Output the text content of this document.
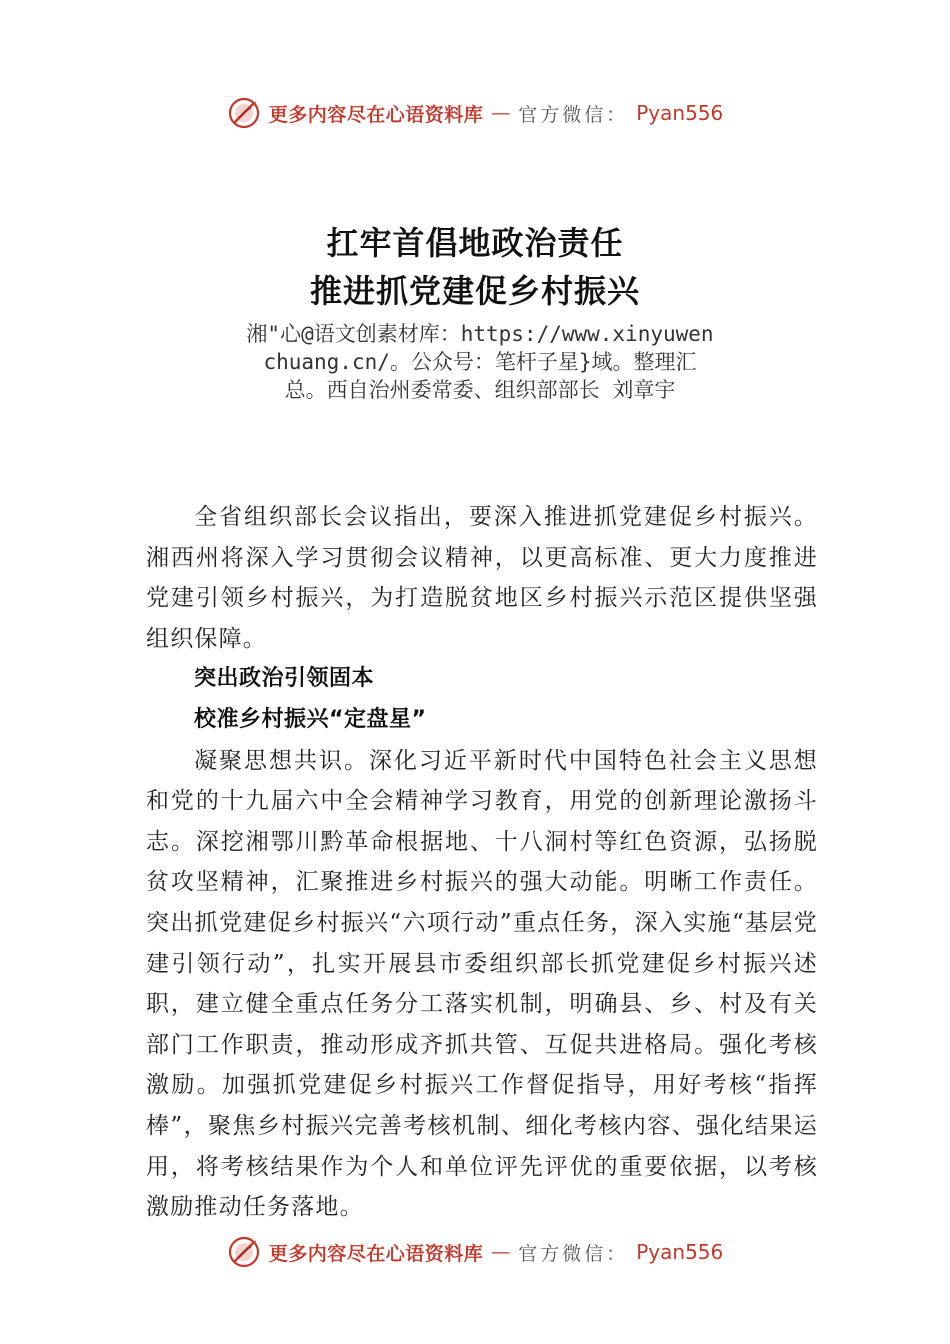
更多内容尽在心语资料库 — 官方微信： Pyan556
扛牢首倡地政治责任
推进抓党建促乡村振兴
湘"心@语文创素材库：https://www.xinyuwenchuang.cn/。公众号：笔杆子星}域。整理汇总。西自治州委常委、组织部部长 刘章宇

全省组织部长会议指出，要深入推进抓党建促乡村振兴。湘西州将深入学习贯彻会议精神，以更高标准、更大力度推进党建引领乡村振兴，为打造脱贫地区乡村振兴示范区提供坚强组织保障。

突出政治引领固本
校准乡村振兴“定盘星”

凝聚思想共识。深化习近平新时代中国特色社会主义思想和党的十九届六中全会精神学习教育，用党的创新理论激扬斗志。深挖湘鄂川黔革命根据地、十八洞村等红色资源，弘扬脱贫攻坚精神，汇聚推进乡村振兴的强大动能。明晰工作责任。突出抓党建促乡村振兴“六项行动”重点任务，深入实施“基层党建引领行动”，扎实开展县市委组织部长抓党建促乡村振兴述职，建立健全重点任务分工落实机制，明确县、乡、村及有关部门工作职责，推动形成齐抓共管、互促共进格局。强化考核激励。加强抓党建促乡村振兴工作督促指导，用好考核“指挥棒”，聚焦乡村振兴完善考核机制、细化考核内容、强化结果运用，将考核结果作为个人和单位评先评优的重要依据，以考核激励推动任务落地。

更多内容尽在心语资料库 — 官方微信： Pyan556
